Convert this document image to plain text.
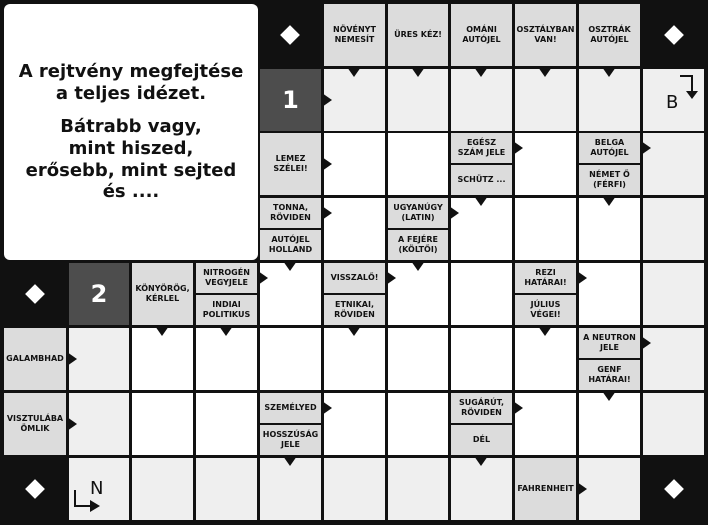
A rejtvény megfejtése
a teljes idézet.

Bátrabb vagy,
mint hiszed,
erősebb, mint sejted
és ....

NÖVÉNYT NEMESÍT
ÜRES KÉZ!
OMÁNI AUTÓJEL
OSZTÁLYBAN VAN!
OSZTRÁK AUTÓJEL
1
LEMEZ SZÉLEI!
EGÉSZ SZÁM JELE
SCHÜTZ ...
BELGA AUTÓJEL
NÉMET Ő (FÉRFI)
TONNA, RÖVIDEN
AUTÓJEL HOLLAND
UGYANÚGY (LATIN)
A FEJÉRE (KÖLTŐI)
2	KÖNYÖRÖG, KÉRLEL
NITROGÉN VEGYJELE
INDIAI POLITIKUS
VISSZALŐ!
ETNIKAI, RÖVIDEN
REZI HATÁRAI!
JÚLIUS VÉGEI!
GALAMBHAD
A NEUTRON JELE
GENF HATÁRAI!
VISZTULÁBA ÖMLIK
SZEMÉLYED
HOSSZÚSÁG JELE
SUGÁRÚT, RÖVIDEN
DÉL
FAHRENHEIT
B
N
